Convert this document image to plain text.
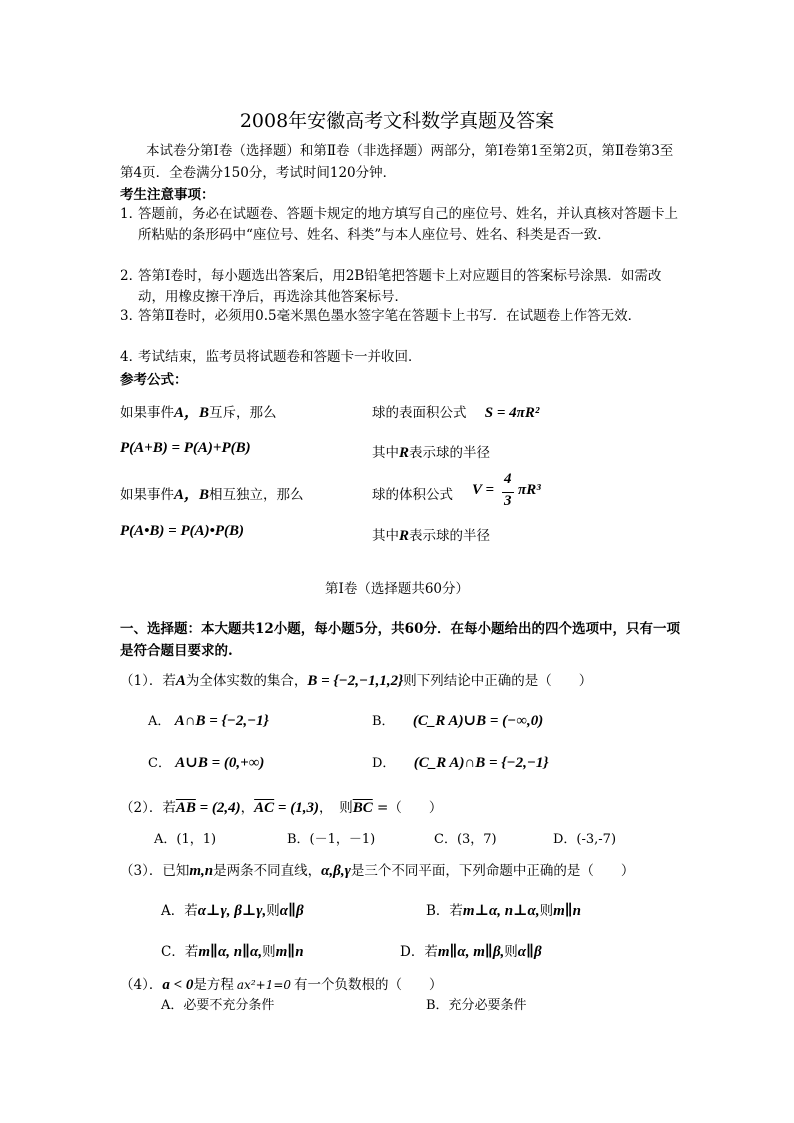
2008年安徽高考文科数学真题及答案
本试卷分第Ⅰ卷（选择题）和第Ⅱ卷（非选择题）两部分，第Ⅰ卷第1至第2页，第Ⅱ卷第3至第4页．全卷满分150分，考试时间120分钟．
考生注意事项：
1．
答题前，务必在试题卷、答题卡规定的地方填写自己的座位号、姓名，并认真核对答题卡上所粘贴的条形码中“座位号、姓名、科类”与本人座位号、姓名、科类是否一致．
2．
答第Ⅰ卷时，每小题选出答案后，用2B铅笔把答题卡上对应题目的答案标号涂黑．如需改动，用橡皮擦干净后，再选涂其他答案标号．
3．
答第Ⅱ卷时，必须用0.5毫米黑色墨水签字笔在答题卡上书写．在试题卷上作答无效．
4．
考试结束，监考员将试题卷和答题卡一并收回．
参考公式：
如果事件A，B互斥，那么	球的表面积公式 S = 4πR²
P(A+B) = P(A)+P(B)	其中R表示球的半径
如果事件A，B相互独立，那么	球的体积公式 V =
4
3
πR³
P(A•B) = P(A)•P(B)	其中R表示球的半径
第Ⅰ卷（选择题共60分）
一、选择题：本大题共12小题，每小题5分，共60分．在每小题给出的四个选项中，只有一项是符合题目要求的.
（1）．若A为全体实数的集合，B = {−2,−1,1,2}则下列结论中正确的是（　　）
A． A∩B = {−2,−1}	B． (C_R A)∪B = (−∞,0)
C． A∪B = (0,+∞)	D． (C_R A)∩B = {−2,−1}
（2）．若$\overline{AB} = (2,4)$，$\overline{AC} = (1,3)$，　则$\overline{BC}$ =（　　）
A．(1，1)	B．(－1，－1)	C．(3，7)	D．(-3,-7)
（3）．已知m,n是两条不同直线，α,β,γ是三个不同平面，下列命题中正确的是（　　）
A．若α⊥γ, β⊥γ,则α∥β	B．若m⊥α, n⊥α,则m∥n
C．若m∥α, n∥α,则m∥n	D．若m∥α, m∥β,则α∥β
（4）．a < 0是方程 ax²+1=0 有一个负数根的（　　）
A．必要不充分条件	B．充分必要条件
